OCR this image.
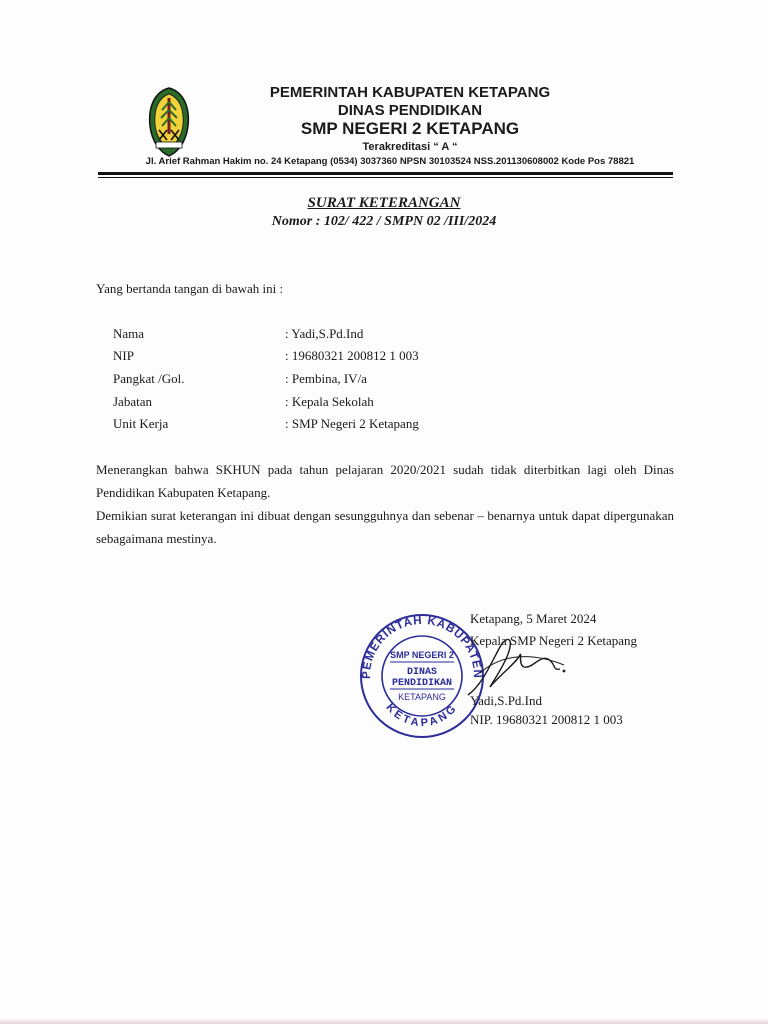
PEMERINTAH KABUPATEN KETAPANG
DINAS PENDIDIKAN
SMP NEGERI 2 KETAPANG
Terakreditasi “ A “
Jl. Arief Rahman Hakim no. 24 Ketapang (0534) 3037360 NPSN 30103524 NSS.201130608002 Kode Pos 78821
SURAT KETERANGAN
Nomor : 102/ 422 / SMPN 02 /III/2024
Yang bertanda tangan di bawah ini :
Nama	: Yadi,S.Pd.Ind
NIP	: 19680321 200812 1 003
Pangkat /Gol.	: Pembina, IV/a
Jabatan	: Kepala Sekolah
Unit Kerja	: SMP Negeri 2 Ketapang
Menerangkan bahwa SKHUN pada tahun pelajaran 2020/2021 sudah tidak diterbitkan lagi oleh Dinas Pendidikan Kabupaten Ketapang.
Demikian surat keterangan ini dibuat dengan sesungguhnya dan sebenar – benarnya untuk dapat dipergunakan sebagaimana mestinya.
PEMERINTAH KABUPATEN
KETAPANG
SMP NEGERI 2
DINAS
PENDIDIKAN
KETAPANG
Ketapang, 5 Maret 2024
Kepala SMP Negeri 2 Ketapang
Yadi,S.Pd.Ind
NIP. 19680321 200812 1 003
